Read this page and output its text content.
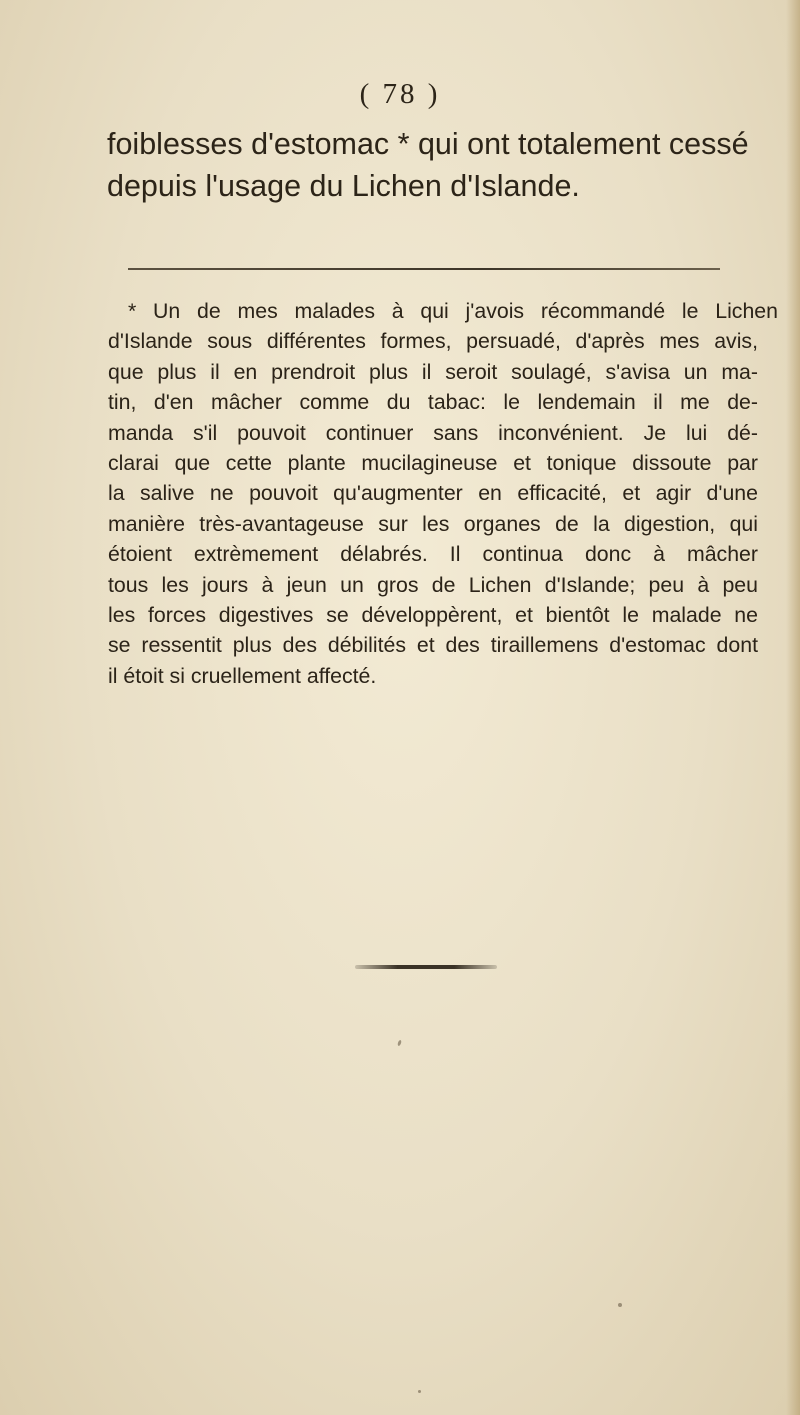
( 78 )
foiblesses d'estomac * qui ont totalement cessé
depuis l'usage du Lichen d'Islande.
* Un de mes malades à qui j'avois récommandé le Lichen
d'Islande sous différentes formes, persuadé, d'après mes avis,
que plus il en prendroit plus il seroit soulagé, s'avisa un ma-
tin, d'en mâcher comme du tabac: le lendemain il me de-
manda s'il pouvoit continuer sans inconvénient. Je lui dé-
clarai que cette plante mucilagineuse et tonique dissoute par
la salive ne pouvoit qu'augmenter en efficacité, et agir d'une
manière très-avantageuse sur les organes de la digestion, qui
étoient extrèmement délabrés. Il continua donc à mâcher
tous les jours à jeun un gros de Lichen d'Islande; peu à peu
les forces digestives se développèrent, et bientôt le malade ne
se ressentit plus des débilités et des tiraillemens d'estomac dont
il étoit si cruellement affecté.
